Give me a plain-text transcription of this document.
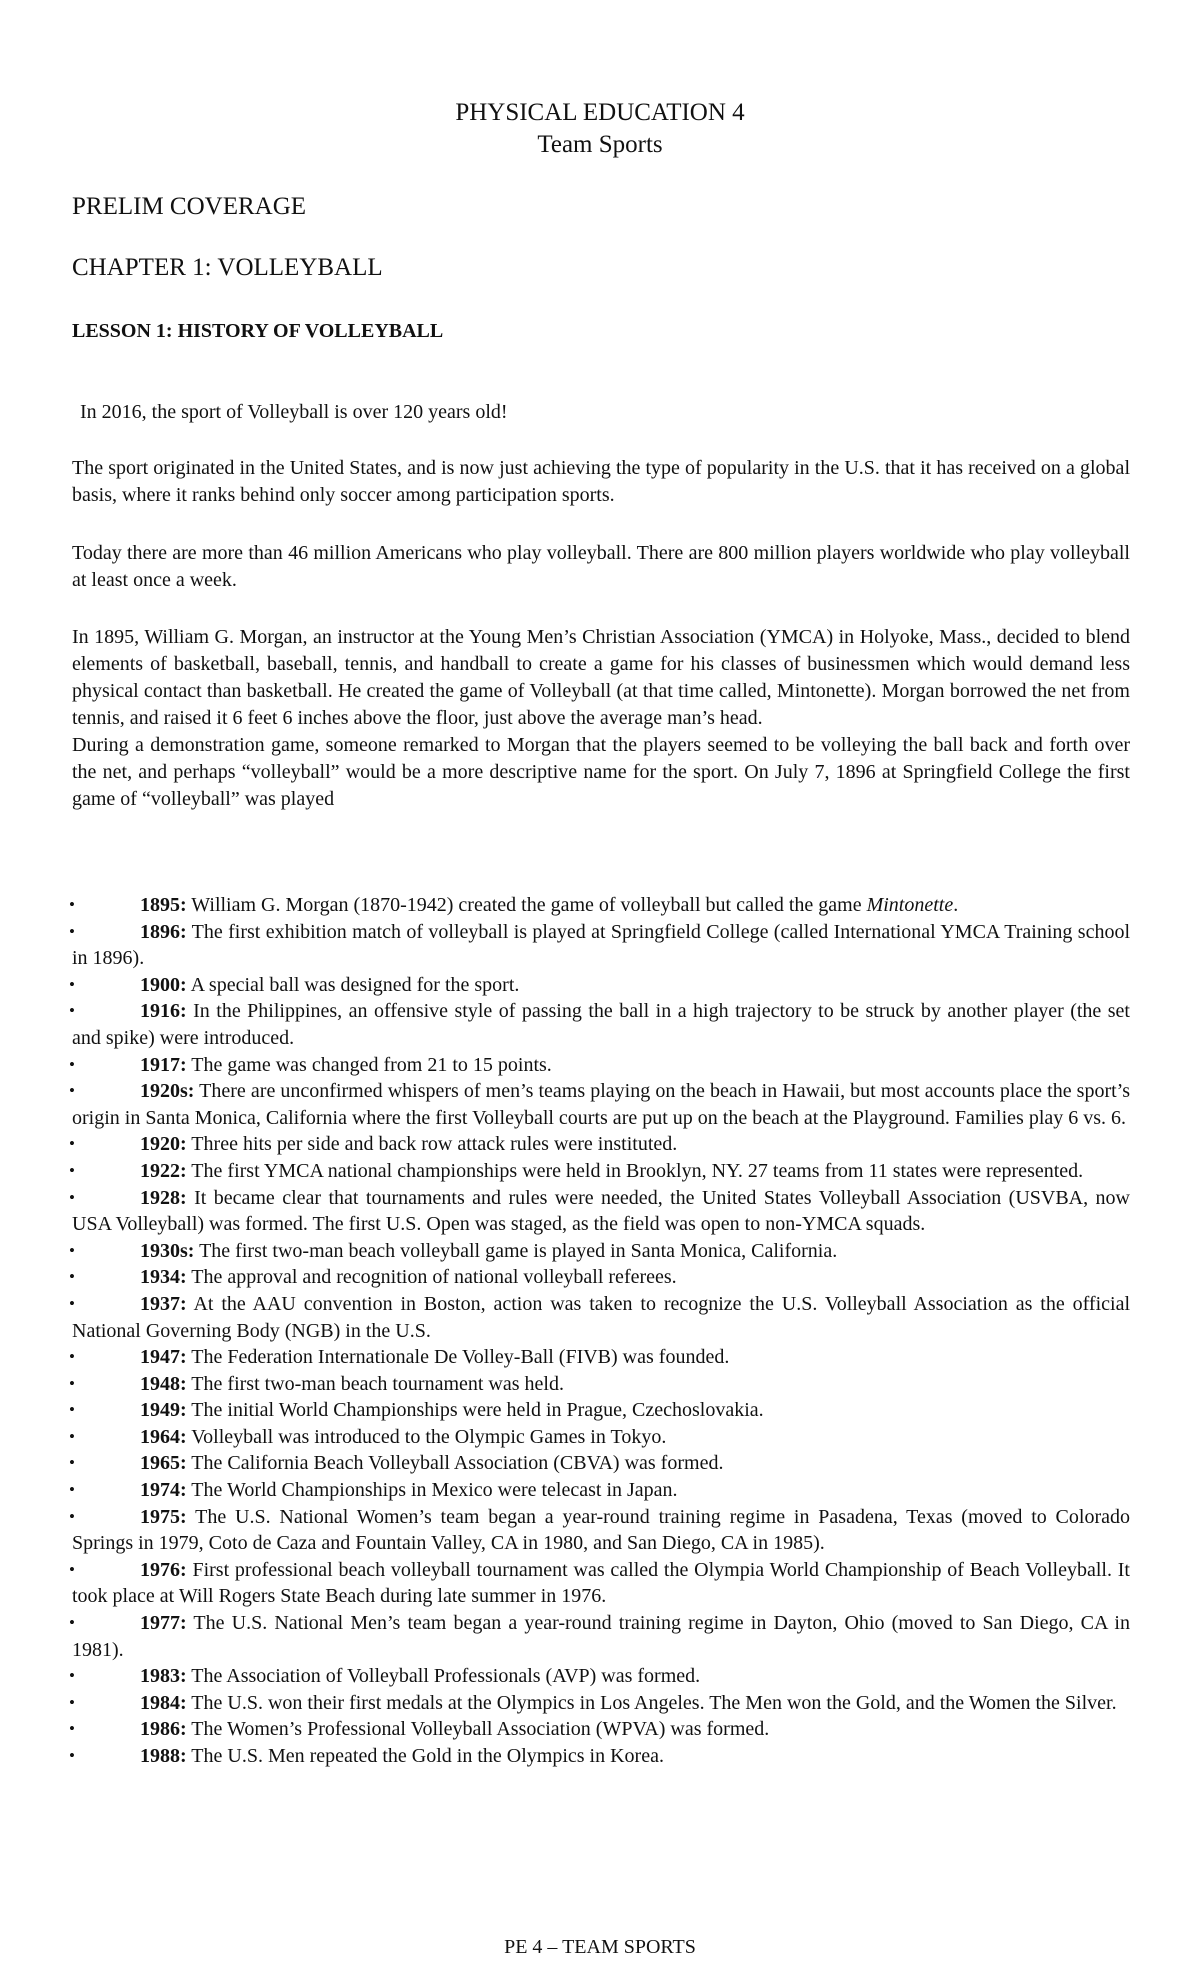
PHYSICAL EDUCATION 4
Team Sports
PRELIM COVERAGE
CHAPTER 1: VOLLEYBALL
LESSON 1: HISTORY OF VOLLEYBALL

In 2016, the sport of Volleyball is over 120 years old!

The sport originated in the United States, and is now just achieving the type of popularity in the U.S. that it has received on a global basis, where it ranks behind only soccer among participation sports.

Today there are more than 46 million Americans who play volleyball. There are 800 million players worldwide who play volleyball at least once a week.

In 1895, William G. Morgan, an instructor at the Young Men’s Christian Association (YMCA) in Holyoke, Mass., decided to blend elements of basketball, baseball, tennis, and handball to create a game for his classes of businessmen which would demand less physical contact than basketball. He created the game of Volleyball (at that time called, Mintonette). Morgan borrowed the net from tennis, and raised it 6 feet 6 inches above the floor, just above the average man’s head.
During a demonstration game, someone remarked to Morgan that the players seemed to be volleying the ball back and forth over the net, and perhaps “volleyball” would be a more descriptive name for the sport. On July 7, 1896 at Springfield College the first game of “volleyball” was played
•	1895: William G. Morgan (1870-1942) created the game of volleyball but called the game Mintonette.
•	1896: The first exhibition match of volleyball is played at Springfield College (called International YMCA Training school in 1896).
•	1900: A special ball was designed for the sport.
•	1916: In the Philippines, an offensive style of passing the ball in a high trajectory to be struck by another player (the set and spike) were introduced.
•	1917: The game was changed from 21 to 15 points.
•	1920s: There are unconfirmed whispers of men’s teams playing on the beach in Hawaii, but most accounts place the sport’s origin in Santa Monica, California where the first Volleyball courts are put up on the beach at the Playground. Families play 6 vs. 6.
•	1920: Three hits per side and back row attack rules were instituted.
•	1922: The first YMCA national championships were held in Brooklyn, NY. 27 teams from 11 states were represented.
•	1928: It became clear that tournaments and rules were needed, the United States Volleyball Association (USVBA, now USA Volleyball) was formed. The first U.S. Open was staged, as the field was open to non-YMCA squads.
•	1930s: The first two-man beach volleyball game is played in Santa Monica, California.
•	1934: The approval and recognition of national volleyball referees.
•	1937: At the AAU convention in Boston, action was taken to recognize the U.S. Volleyball Association as the official National Governing Body (NGB) in the U.S.
•	1947: The Federation Internationale De Volley-Ball (FIVB) was founded.
•	1948: The first two-man beach tournament was held.
•	1949: The initial World Championships were held in Prague, Czechoslovakia.
•	1964: Volleyball was introduced to the Olympic Games in Tokyo.
•	1965: The California Beach Volleyball Association (CBVA) was formed.
•	1974: The World Championships in Mexico were telecast in Japan.
•	1975: The U.S. National Women’s team began a year-round training regime in Pasadena, Texas (moved to Colorado Springs in 1979, Coto de Caza and Fountain Valley, CA in 1980, and San Diego, CA in 1985).
•	1976: First professional beach volleyball tournament was called the Olympia World Championship of Beach Volleyball. It took place at Will Rogers State Beach during late summer in 1976.
•	1977: The U.S. National Men’s team began a year-round training regime in Dayton, Ohio (moved to San Diego, CA in 1981).
•	1983: The Association of Volleyball Professionals (AVP) was formed.
•	1984: The U.S. won their first medals at the Olympics in Los Angeles. The Men won the Gold, and the Women the Silver.
•	1986: The Women’s Professional Volleyball Association (WPVA) was formed.
•	1988: The U.S. Men repeated the Gold in the Olympics in Korea.
PE 4 – TEAM SPORTS
